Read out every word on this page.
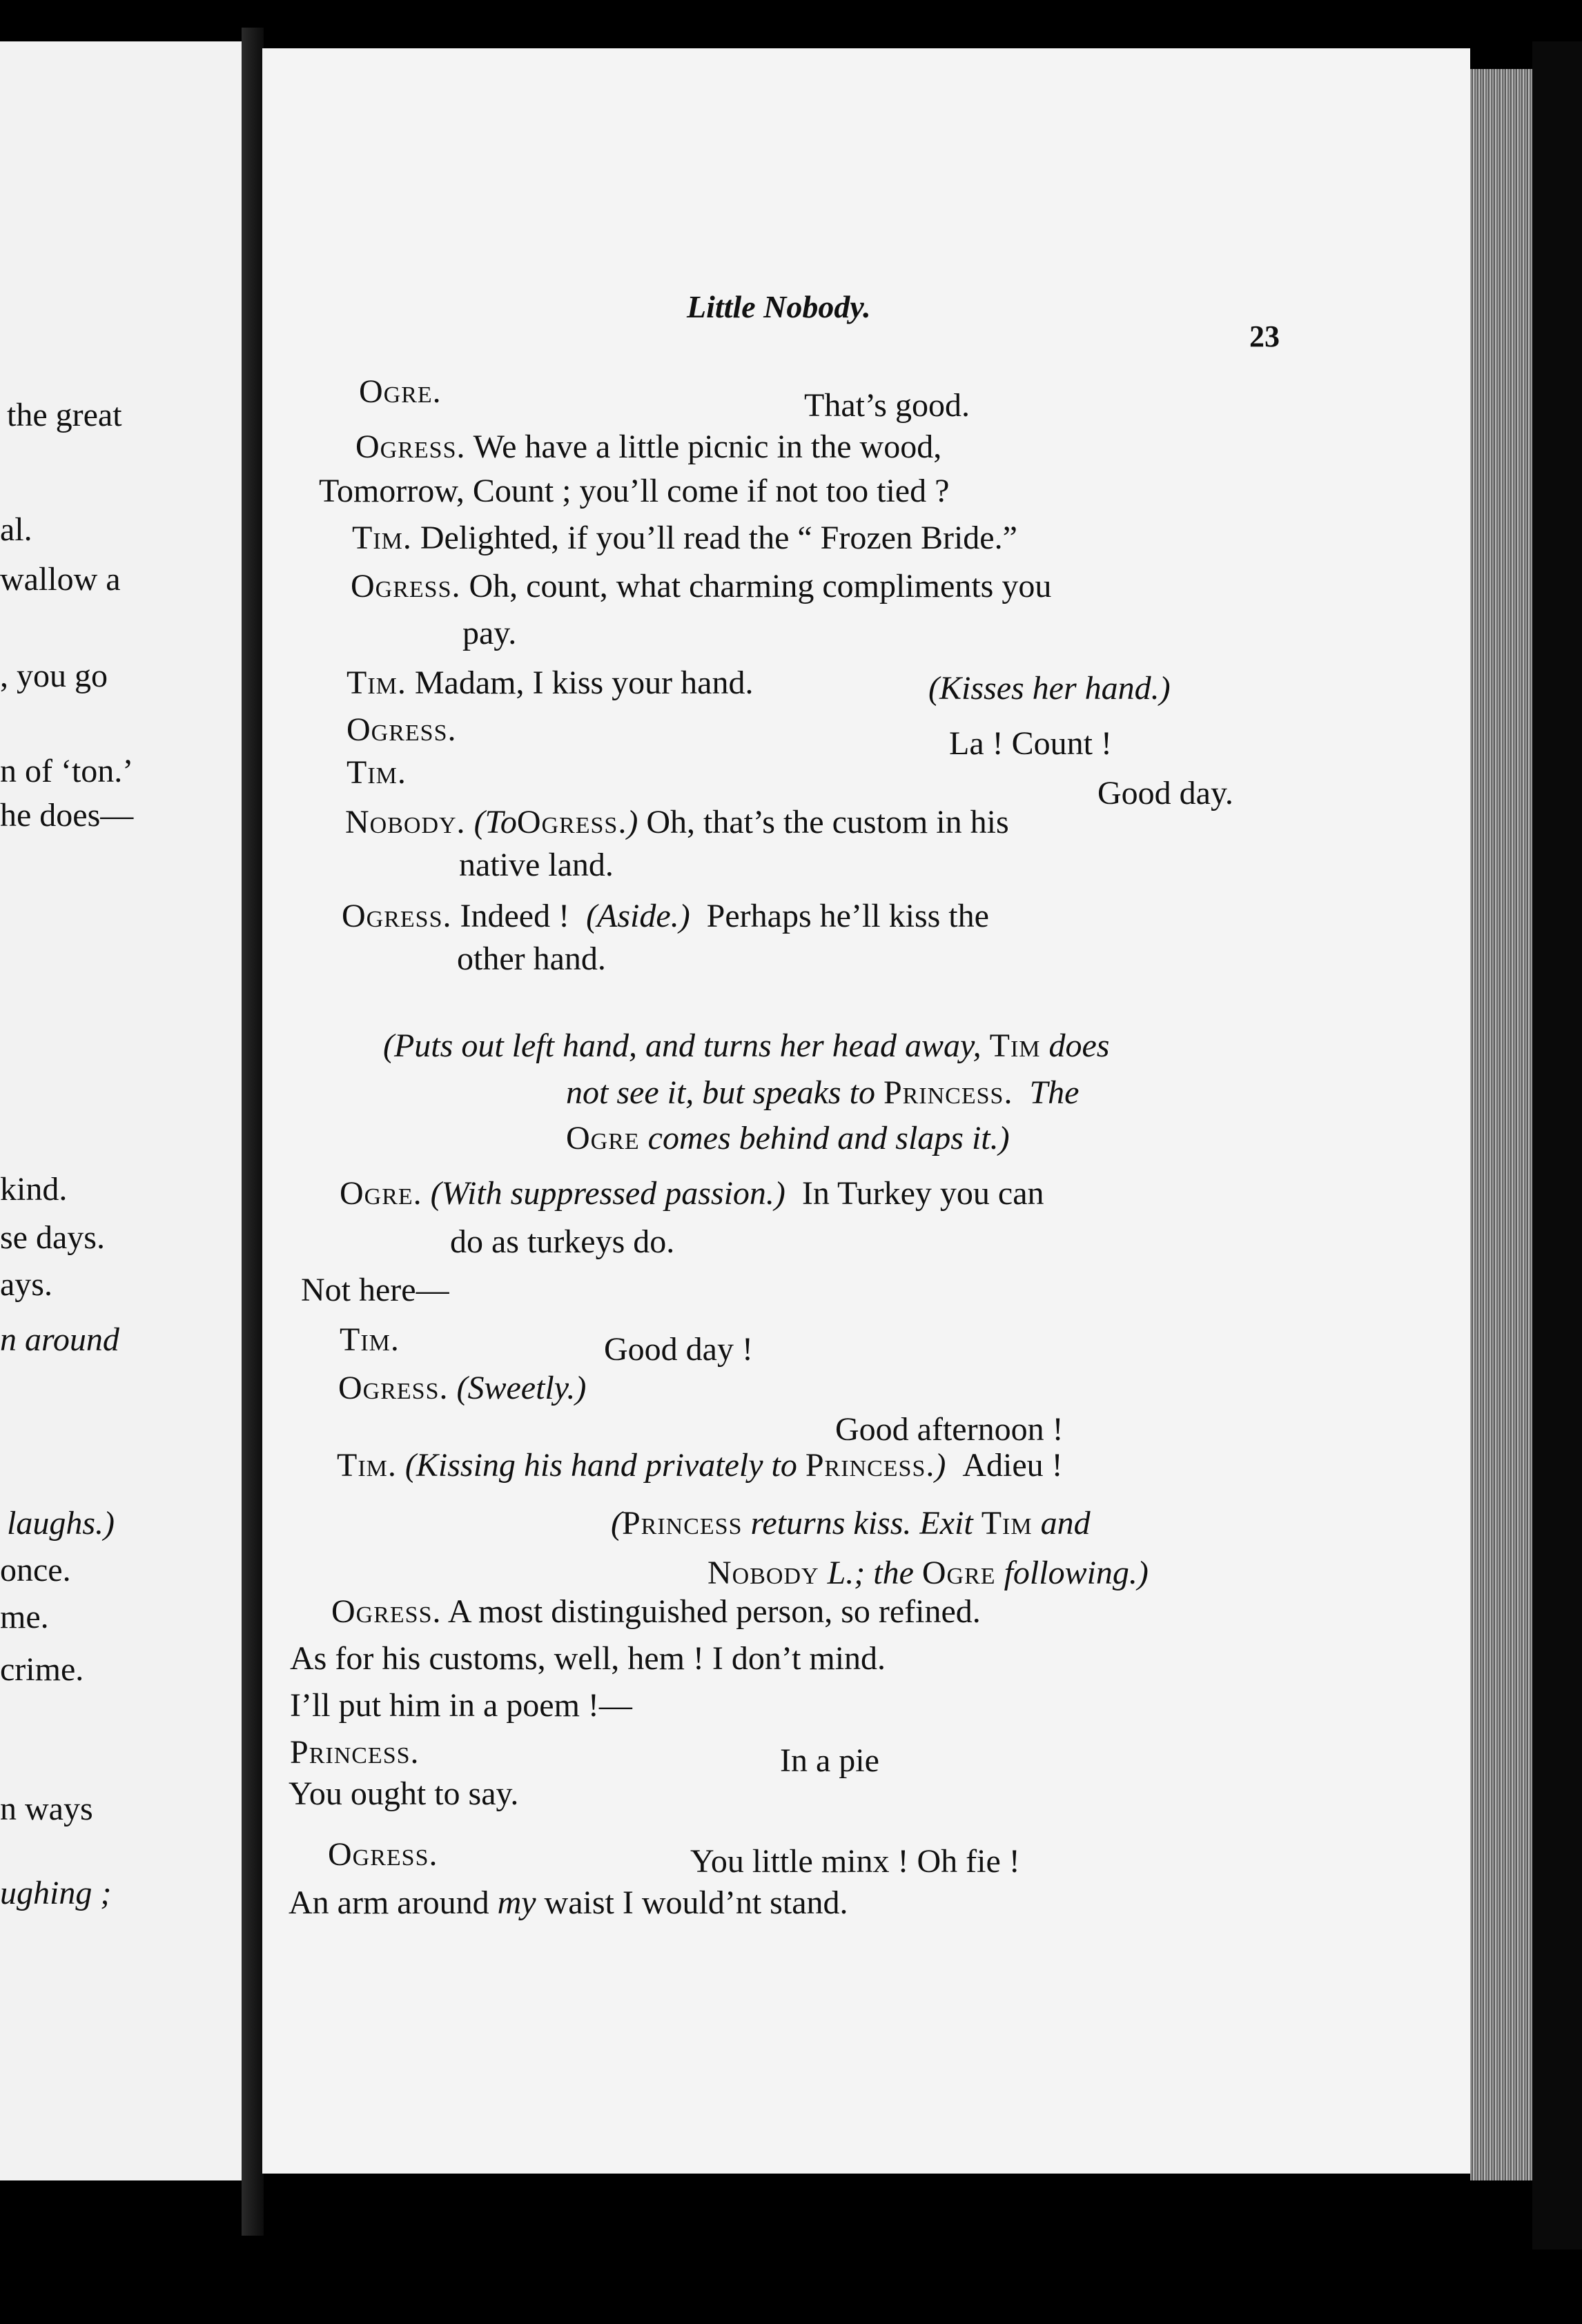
the great
al.
wallow a
, you go
n of ‘ton.’
he does—
kind.
se days.
ays.
n around
laughs.)
once.
me.
crime.
n ways
ughing ;
Little Nobody.
23
Ogre.	That’s good.
Ogress. We have a little picnic in the wood,
Tomorrow, Count ; you’ll come if not too tied ?
Tim. Delighted, if you’ll read the “ Frozen Bride.”
Ogress. Oh, count, what charming compliments you
pay.
Tim. Madam, I kiss your hand.	(Kisses her hand.)
Ogress.	La ! Count !
Tim.
Good day.
Nobody. (ToOgress.) Oh, that’s the custom in his
native land.
Ogress. Indeed ! (Aside.) Perhaps he’ll kiss the
other hand.
(Puts out left hand, and turns her head away, Tim does
not see it, but speaks to Princess. The
Ogre comes behind and slaps it.)
Ogre. (With suppressed passion.) In Turkey you can
do as turkeys do.
Not here—
Tim.	Good day !
Ogress. (Sweetly.)
Good afternoon !
Tim. (Kissing his hand privately to Princess.) Adieu !
(Princess returns kiss. Exit Tim and
Nobody L.; the Ogre following.)
Ogress. A most distinguished person, so refined.
As for his customs, well, hem ! I don’t mind.
I’ll put him in a poem !—
Princess.	In a pie
You ought to say.
Ogress.	You little minx ! Oh fie !
An arm around my waist I would’nt stand.
